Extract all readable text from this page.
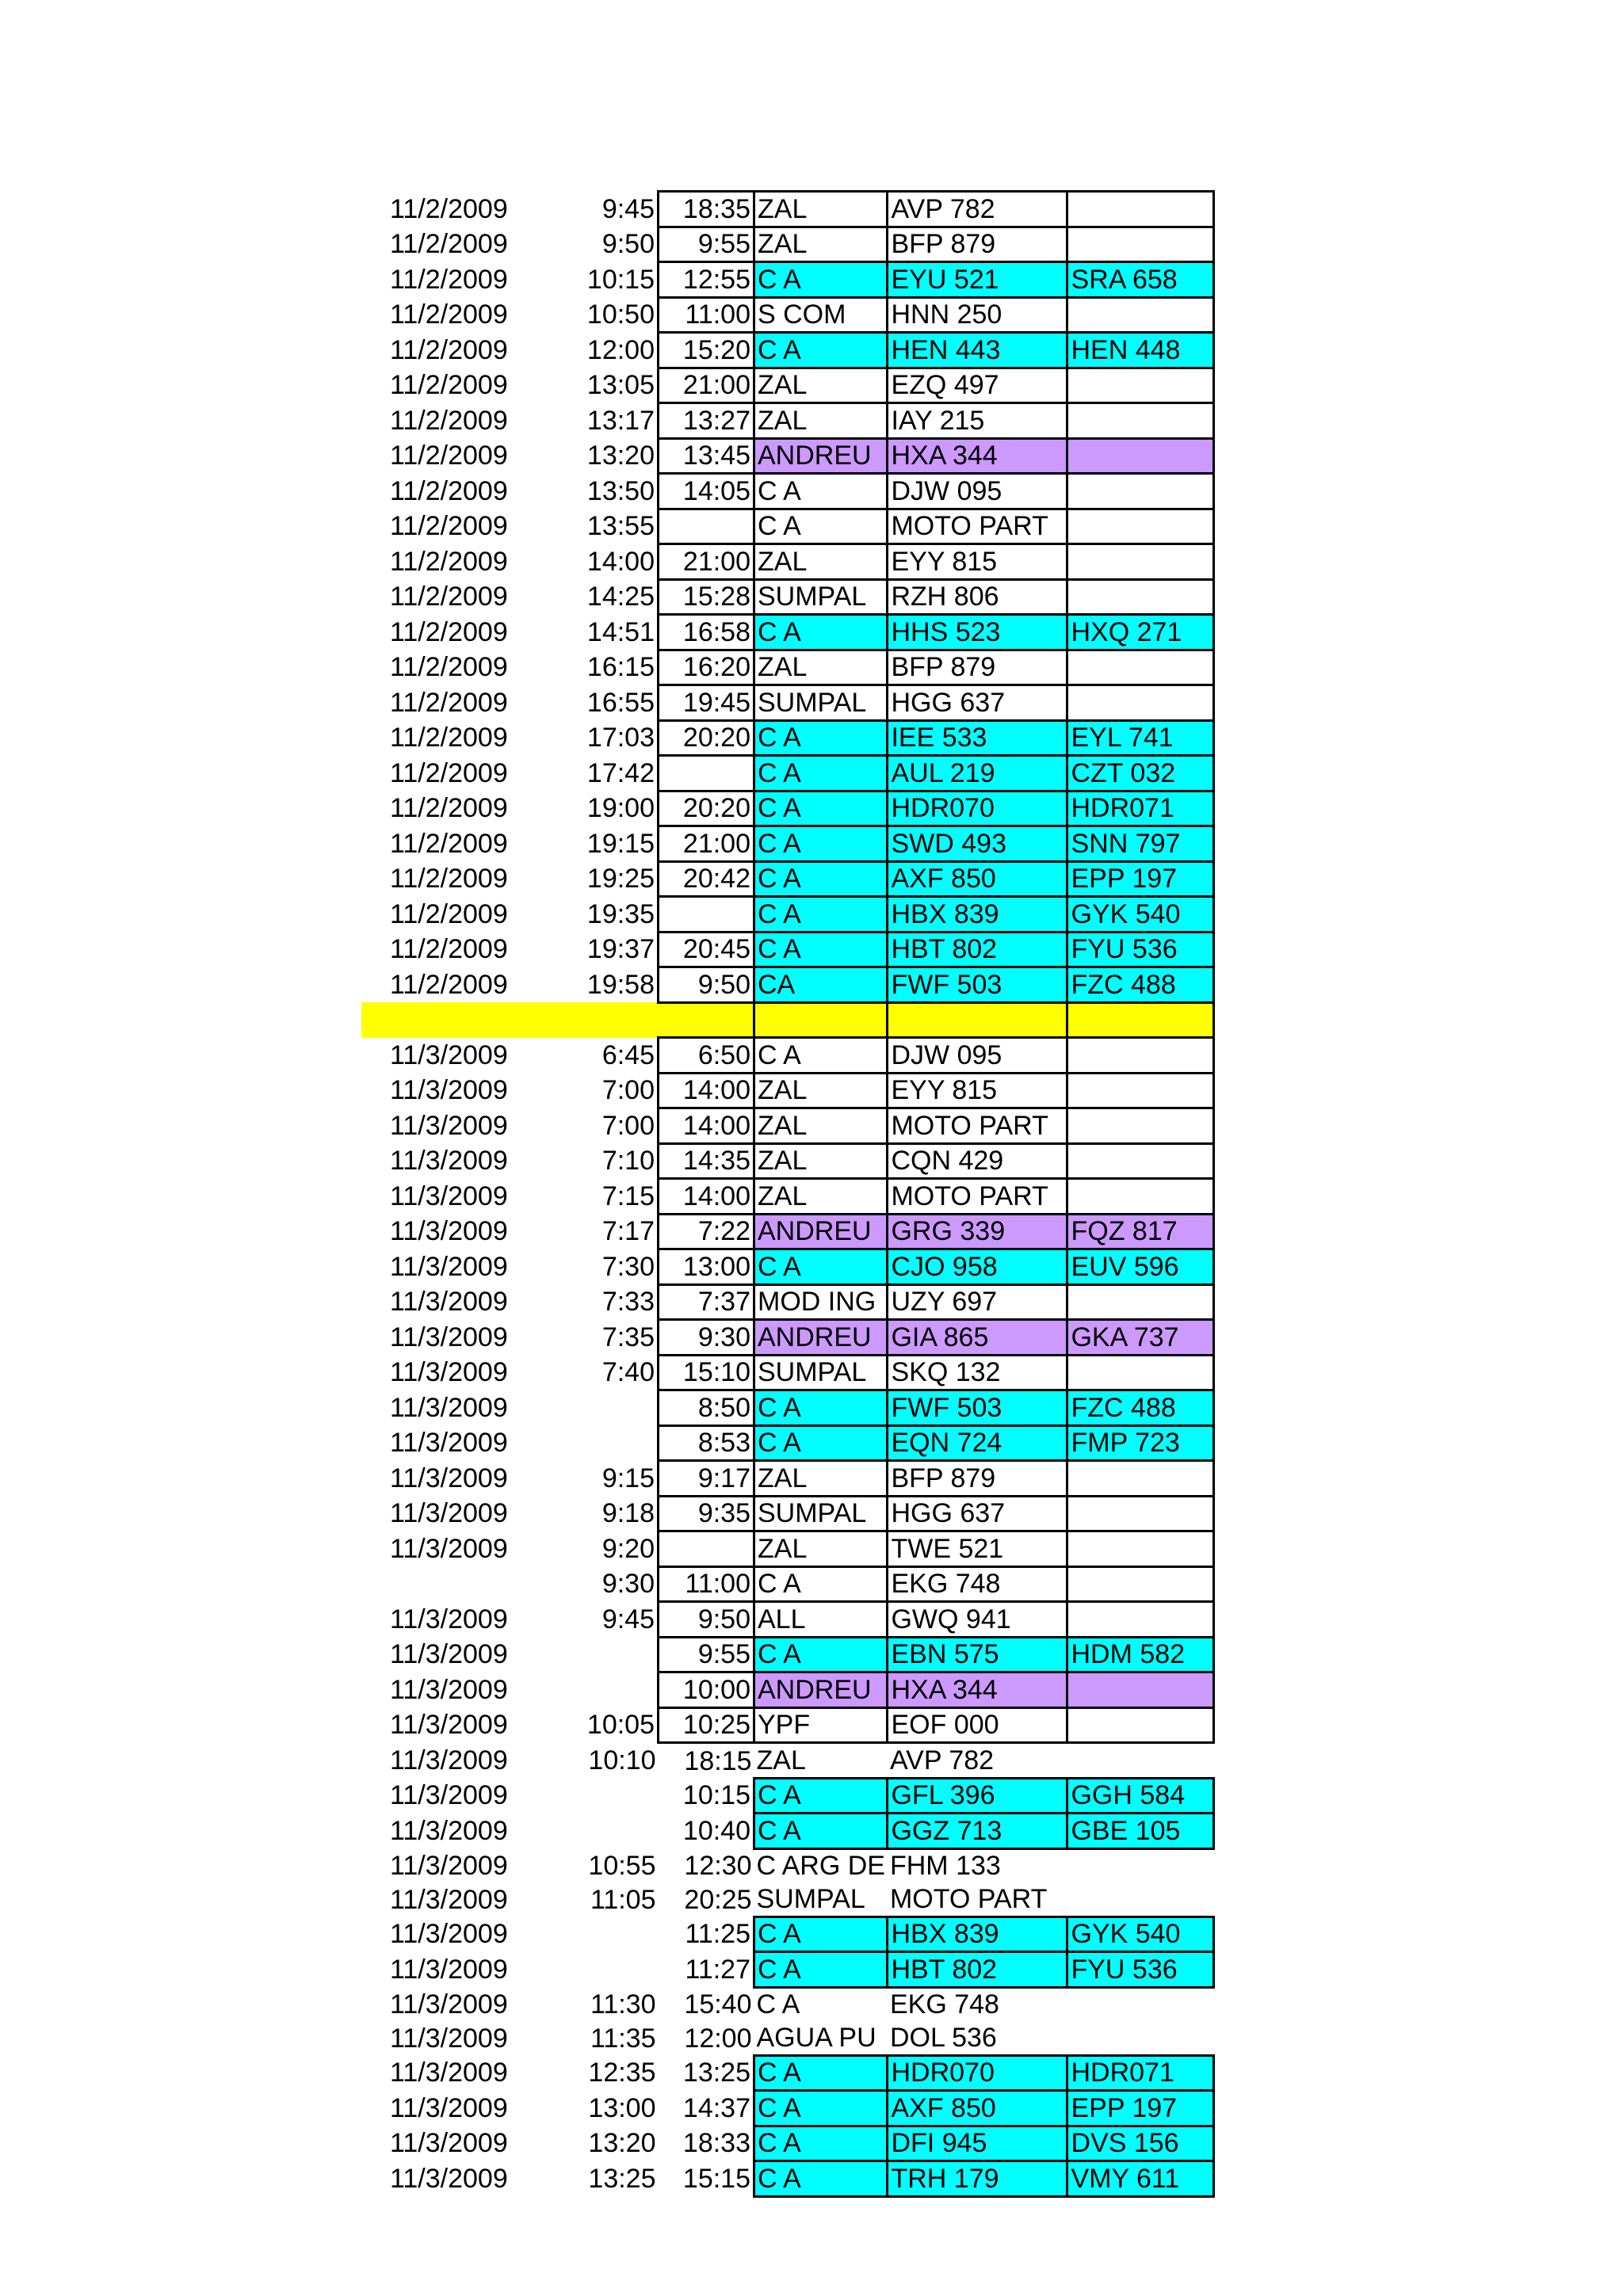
11/2/2009	9:45	18:35	ZAL	AVP 782	
11/2/2009	9:50	9:55	ZAL	BFP 879	
11/2/2009	10:15	12:55	C A	EYU 521	SRA 658
11/2/2009	10:50	11:00	S COM	HNN 250	
11/2/2009	12:00	15:20	C A	HEN 443	HEN 448
11/2/2009	13:05	21:00	ZAL	EZQ 497	
11/2/2009	13:17	13:27	ZAL	IAY 215	
11/2/2009	13:20	13:45	ANDREU	HXA 344	
11/2/2009	13:50	14:05	C A	DJW 095	
11/2/2009	13:55		C A	MOTO PART	
11/2/2009	14:00	21:00	ZAL	EYY 815	
11/2/2009	14:25	15:28	SUMPAL	RZH 806	
11/2/2009	14:51	16:58	C A	HHS 523	HXQ 271
11/2/2009	16:15	16:20	ZAL	BFP 879	
11/2/2009	16:55	19:45	SUMPAL	HGG 637	
11/2/2009	17:03	20:20	C A	IEE 533	EYL 741
11/2/2009	17:42		C A	AUL 219	CZT 032
11/2/2009	19:00	20:20	C A	HDR070	HDR071
11/2/2009	19:15	21:00	C A	SWD 493	SNN 797
11/2/2009	19:25	20:42	C A	AXF 850	EPP 197
11/2/2009	19:35		C A	HBX 839	GYK 540
11/2/2009	19:37	20:45	C A	HBT 802	FYU 536
11/2/2009	19:58	9:50	CA	FWF 503	FZC 488

11/3/2009	6:45	6:50	C A	DJW 095	
11/3/2009	7:00	14:00	ZAL	EYY 815	
11/3/2009	7:00	14:00	ZAL	MOTO PART	
11/3/2009	7:10	14:35	ZAL	CQN 429	
11/3/2009	7:15	14:00	ZAL	MOTO PART	
11/3/2009	7:17	7:22	ANDREU	GRG 339	FQZ 817
11/3/2009	7:30	13:00	C A	CJO 958	EUV 596
11/3/2009	7:33	7:37	MOD ING	UZY 697	
11/3/2009	7:35	9:30	ANDREU	GIA 865	GKA 737
11/3/2009	7:40	15:10	SUMPAL	SKQ 132	
11/3/2009		8:50	C A	FWF 503	FZC 488
11/3/2009		8:53	C A	EQN 724	FMP 723
11/3/2009	9:15	9:17	ZAL	BFP 879	
11/3/2009	9:18	9:35	SUMPAL	HGG 637	
11/3/2009	9:20		ZAL	TWE 521	
	9:30	11:00	C A	EKG 748	
11/3/2009	9:45	9:50	ALL	GWQ 941	
11/3/2009		9:55	C A	EBN 575	HDM 582
11/3/2009		10:00	ANDREU	HXA 344	
11/3/2009	10:05	10:25	YPF	EOF 000	
11/3/2009	10:10	18:15	ZAL	AVP 782	
11/3/2009		10:15	C A	GFL 396	GGH 584
11/3/2009		10:40	C A	GGZ 713	GBE 105
11/3/2009	10:55	12:30	C ARG DE	FHM 133	
11/3/2009	11:05	20:25	SUMPAL	MOTO PART	
11/3/2009		11:25	C A	HBX 839	GYK 540
11/3/2009		11:27	C A	HBT 802	FYU 536
11/3/2009	11:30	15:40	C A	EKG 748	
11/3/2009	11:35	12:00	AGUA PU	DOL 536	
11/3/2009	12:35	13:25	C A	HDR070	HDR071
11/3/2009	13:00	14:37	C A	AXF 850	EPP 197
11/3/2009	13:20	18:33	C A	DFI 945	DVS 156
11/3/2009	13:25	15:15	C A	TRH 179	VMY 611
